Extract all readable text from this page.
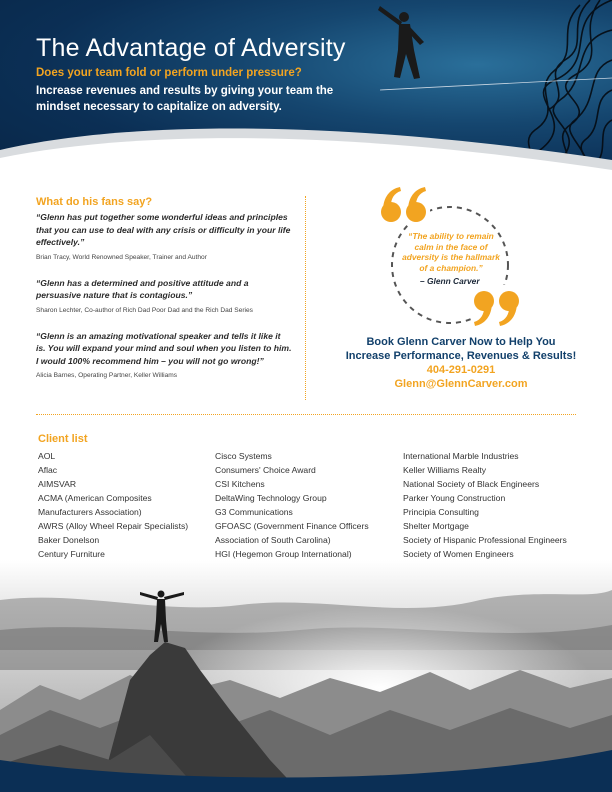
The Advantage of Adversity

Does your team fold or perform under pressure?

Increase revenues and results by giving your team the mindset necessary to capitalize on adversity.

What do his fans say?

“Glenn has put together some wonderful ideas and principles that you can use to deal with any crisis or difficulty in your life effectively.”

Brian Tracy, World Renowned Speaker, Trainer and Author

“Glenn has a determined and positive attitude and a persuasive nature that is contagious.”

Sharon Lechter, Co-author of Rich Dad Poor Dad and the Rich Dad Series

“Glenn is an amazing motivational speaker and tells it like it is. You will expand your mind and soul when you listen to him. I would 100% recommend him – you will not go wrong!”

Alicia Barnes, Operating Partner, Keller Williams

“The ability to remain calm in the face of adversity is the hallmark of a champion.”

– Glenn Carver

Book Glenn Carver Now to Help You

Increase Performance, Revenues & Results!

404-291-0291

Glenn@GlennCarver.com

Client list
AOL
Aflac
AIMSVAR
ACMA (American Composites
Manufacturers Association)
AWRS (Alloy Wheel Repair Specialists)
Baker Donelson
Century Furniture
Cisco Systems
Consumers' Choice Award
CSI Kitchens
DeltaWing Technology Group
G3 Communications
GFOASC (Government Finance Officers
Association of South Carolina)
HGI (Hegemon Group International)
International Marble Industries
Keller Williams Realty
National Society of Black Engineers
Parker Young Construction
Principia Consulting
Shelter Mortgage
Society of Hispanic Professional Engineers
Society of Women Engineers
